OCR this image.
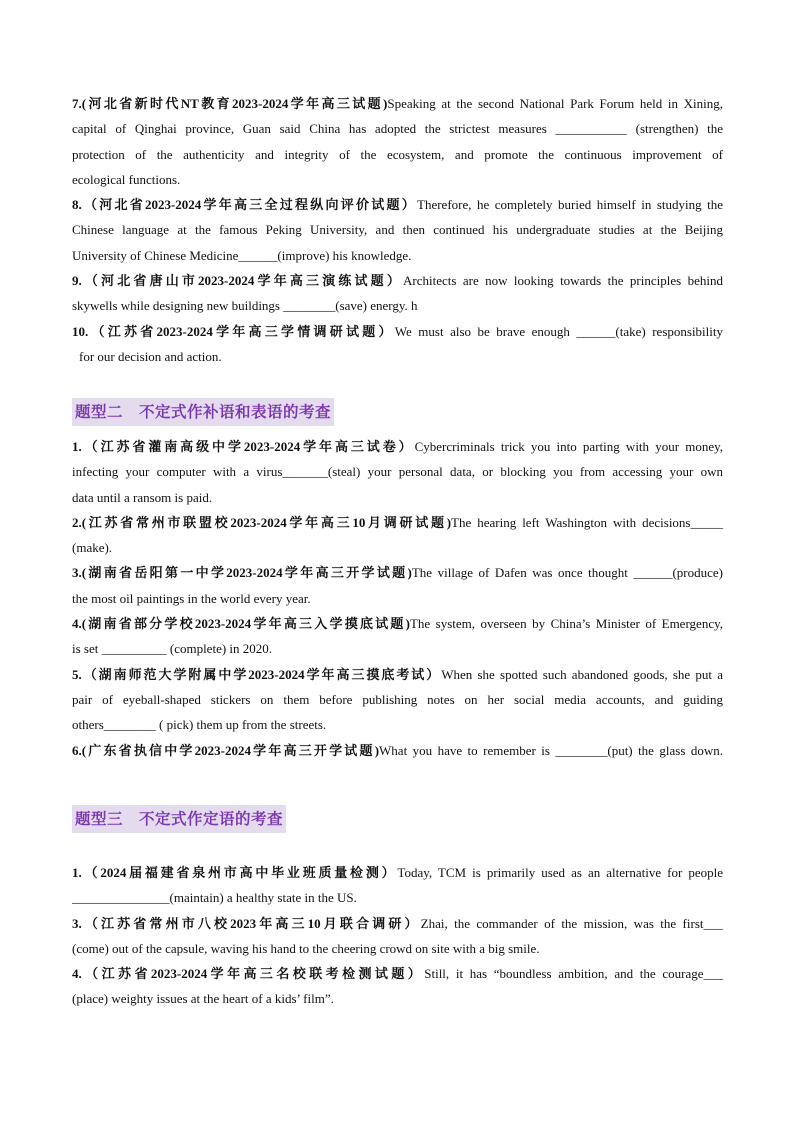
7.(河北省新时代NT教育2023-2024学年高三试题)Speaking at the second National Park Forum held in Xining,
capital of Qinghai province, Guan said China has adopted the strictest measures ___________ (strengthen) the
protection of the authenticity and integrity of the ecosystem, and promote the continuous improvement of
ecological functions.
8.（河北省2023-2024学年高三全过程纵向评价试题）Therefore, he completely buried himself in studying the
Chinese language at the famous Peking University, and then continued his undergraduate studies at the Beijing
University of Chinese Medicine______(improve) his knowledge.
9.（河北省唐山市2023-2024学年高三演练试题）Architects are now looking towards the principles behind
skywells while designing new buildings ________(save) energy. h
10.（江苏省2023-2024学年高三学情调研试题）We must also be brave enough ______(take) responsibility
for our decision and action.
题型二　不定式作补语和表语的考查
1.（江苏省灌南高级中学2023-2024学年高三试卷）Cybercriminals trick you into parting with your money,
infecting your computer with a virus_______(steal) your personal data, or blocking you from accessing your own
data until a ransom is paid.
2.(江苏省常州市联盟校2023-2024学年高三10月调研试题)The hearing left Washington with decisions_____
(make).
3.(湖南省岳阳第一中学2023-2024学年高三开学试题)The village of Dafen was once thought ______(produce)
the most oil paintings in the world every year.
4.(湖南省部分学校2023-2024学年高三入学摸底试题)The system, overseen by China’s Minister of Emergency,
is set __________ (complete) in 2020.
5.（湖南师范大学附属中学2023-2024学年高三摸底考试）When she spotted such abandoned goods, she put a
pair of eyeball-shaped stickers on them before publishing notes on her social media accounts, and guiding
others________ ( pick) them up from the streets.
6.(广东省执信中学2023-2024学年高三开学试题)What you have to remember is ________(put) the glass down.
题型三　不定式作定语的考查
1.（2024届福建省泉州市高中毕业班质量检测）Today, TCM is primarily used as an alternative for people
_______________(maintain) a healthy state in the US.
3.（江苏省常州市八校2023年高三10月联合调研）Zhai, the commander of the mission, was the first___
(come) out of the capsule, waving his hand to the cheering crowd on site with a big smile.
4.（江苏省2023-2024学年高三名校联考检测试题）Still, it has “boundless ambition, and the courage___
(place) weighty issues at the heart of a kids’ film”.
